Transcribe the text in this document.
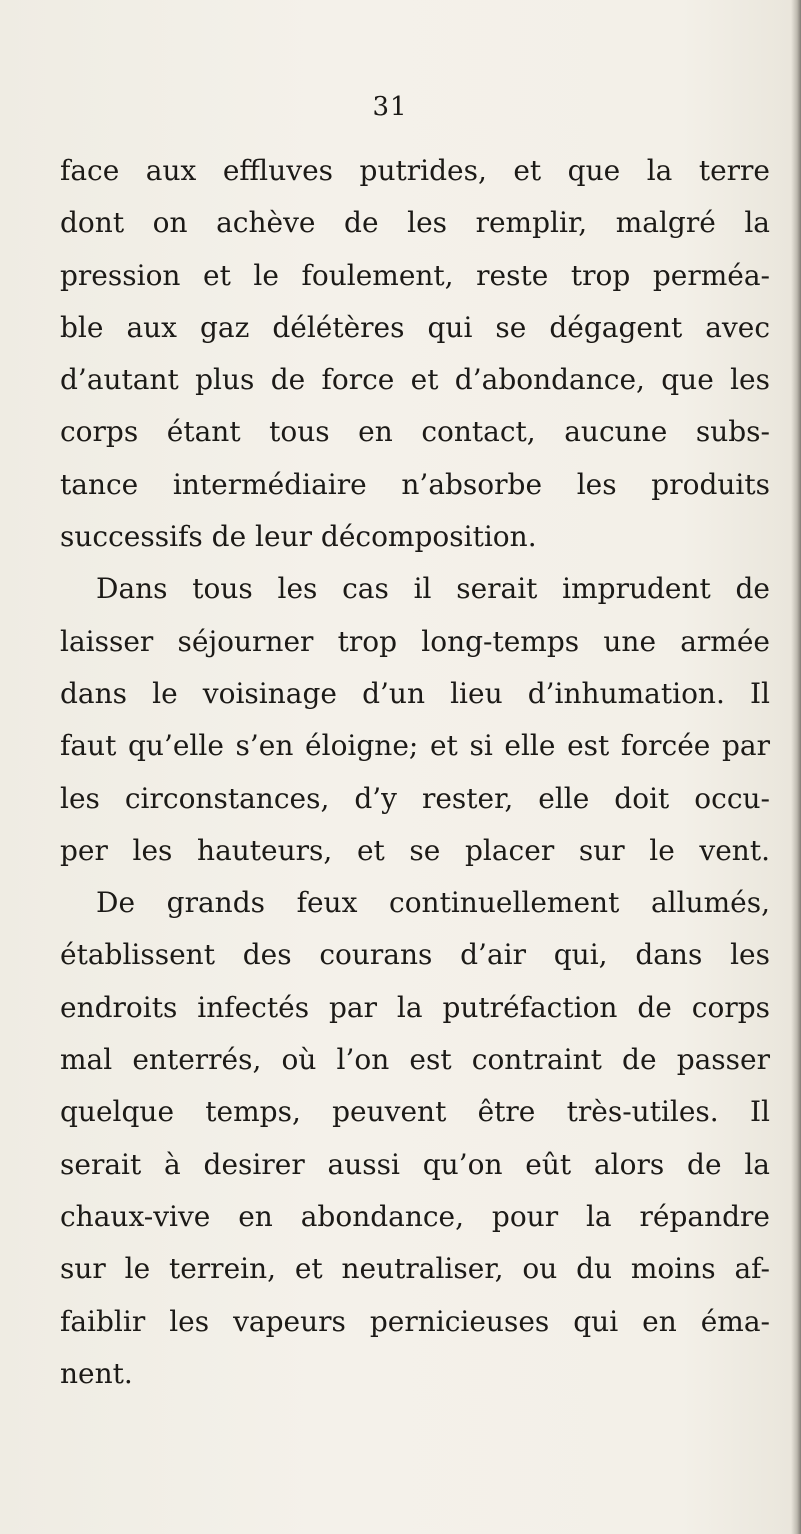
31
face aux effluves putrides, et que la terre
dont on achève de les remplir, malgré la
pression et le foulement, reste trop perméa-
ble aux gaz délétères qui se dégagent avec
d’autant plus de force et d’abondance, que les
corps étant tous en contact, aucune subs-
tance intermédiaire n’absorbe les produits
successifs de leur décomposition.
Dans tous les cas il serait imprudent de
laisser séjourner trop long-temps une armée
dans le voisinage d’un lieu d’inhumation. Il
faut qu’elle s’en éloigne; et si elle est forcée par
les circonstances, d’y rester, elle doit occu-
per les hauteurs, et se placer sur le vent.
De grands feux continuellement allumés,
établissent des courans d’air qui, dans les
endroits infectés par la putréfaction de corps
mal enterrés, où l’on est contraint de passer
quelque temps, peuvent être très-utiles. Il
serait à desirer aussi qu’on eût alors de la
chaux-vive en abondance, pour la répandre
sur le terrein, et neutraliser, ou du moins af-
faiblir les vapeurs pernicieuses qui en éma-
nent.
